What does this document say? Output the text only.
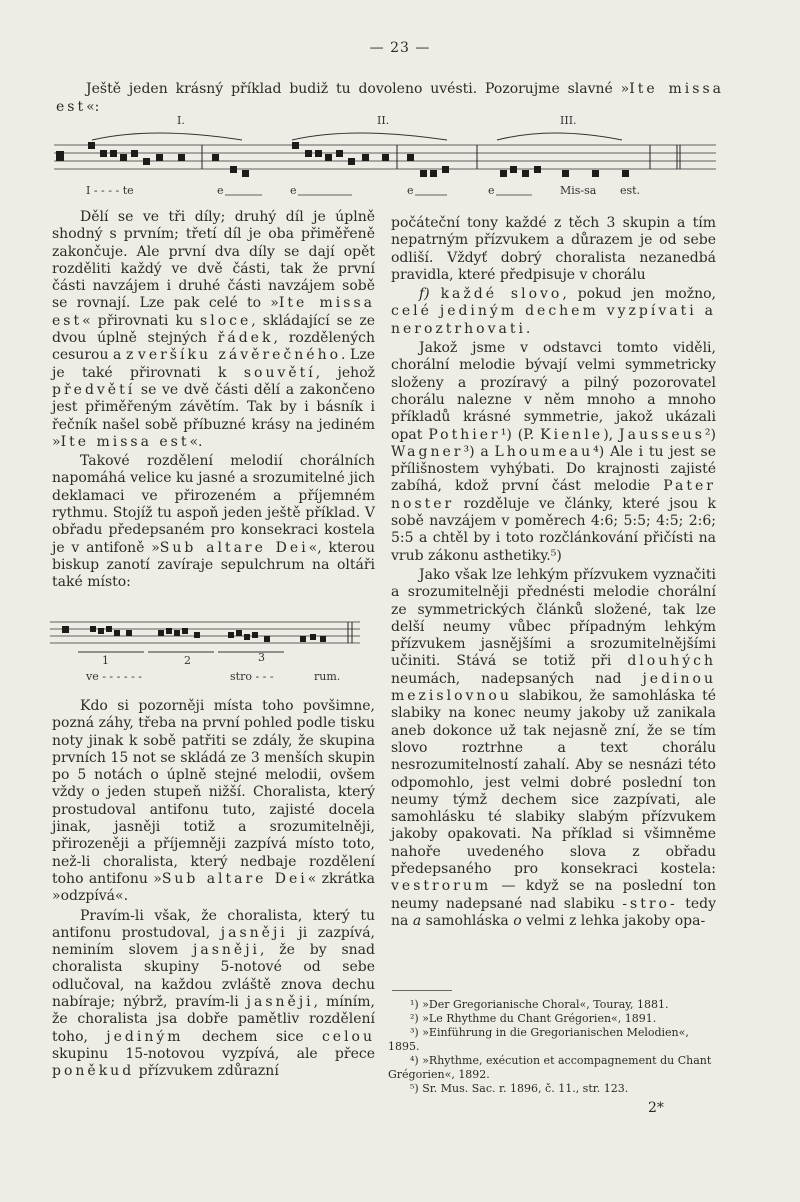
— 23 —

Ještě jeden krásný příklad budiž tu dovoleno uvésti. Pozorujme slavné »Ite missa est«:

I.	II.	III.
I - - - - te	e	e	e	e	Mis-sa est.

Dělí se ve tři díly; druhý díl je úplně shodný s prvním; třetí díl je oba přiměřeně zakončuje. Ale první dva díly se dají opět rozděliti každý ve dvě části, tak že první části navzájem i druhé části navzájem sobě se rovnají. Lze pak celé to »Ite missa est« přirovnati ku sloce, skládající se ze dvou úplně stejných řádek, rozdělených cesurou a z veršíku závěrečného. Lze je také přirovnati k souvětí, jehož předvětí se ve dvě části dělí a zakončeno jest přiměřeným závětím. Tak by i básník i řečník našel sobě příbuzné krásy na jediném »Ite missa est«.

Takové rozdělení melodií chorálních napomáhá velice ku jasné a srozumitelné jich deklamaci ve přirozeném a příjemném rythmu. Stojíž tu aspoň jeden ještě příklad. V obřadu předepsaném pro konsekraci kostela je v antifoně »Sub altare Dei«, kterou biskup zanotí zavíraje sepulchrum na oltáři také místo:

1	2	3
ve - - - - - -	stro - - -	rum.

Kdo si pozorněji místa toho povšimne, pozná záhy, třeba na první pohled podle tisku noty jinak k sobě patřiti se zdály, že skupina prvních 15 not se skládá ze 3 menších skupin po 5 notách o úplně stejné melodii, ovšem vždy o jeden stupeň nižší. Choralista, který prostudoval antifonu tuto, zajisté docela jinak, jasněji totiž a srozumitelněji, přirozeněji a příjemněji zazpívá místo toto, než-li choralista, který nedbaje rozdělení toho antifonu »Sub altare Dei« zkrátka »odzpívá«.

Pravím-li však, že choralista, který tu antifonu prostudoval, jasněji ji zazpívá, neminím slovem jasněji, že by snad choralista skupiny 5-notové od sebe odlučoval, na každou zvláště znova dechu nabíraje; nýbrž, pravím-li jasněji, míním, že choralista jsa dobře pamětliv rozdělení toho, jediným dechem sice celou skupinu 15-notovou vyzpívá, ale přece poněkud přízvukem zdůrazní

počáteční tony každé z těch 3 skupin a tím nepatrným přízvukem a důrazem je od sebe odliší. Vždyť dobrý choralista nezanedbá pravidla, které předpisuje v chorálu

f) každé slovo, pokud jen možno, celé jediným dechem vyzpívati a neroztrhovati.

Jakož jsme v odstavci tomto viděli, chorální melodie bývají velmi symmetricky složeny a prozíravý a pilný pozorovatel chorálu nalezne v něm mnoho a mnoho příkladů krásné symmetrie, jakož ukázali opat Pothier¹) (P. Kienle), Jausseus²) Wagner³) a Lhoumeau⁴) Ale i tu jest se přílišnostem vyhýbati. Do krajnosti zajisté zabíhá, kdož první část melodie Pater noster rozděluje ve články, které jsou k sobě navzájem v poměrech 4:6; 5:5; 4:5; 2:6; 5:5 a chtěl by i toto rozčlánkování přičísti na vrub zákonu asthetiky.⁵)

Jako však lze lehkým přízvukem vyznačiti a srozumitelněji přednésti melodie chorální ze symmetrických článků složené, tak lze delší neumy vůbec případným lehkým přízvukem jasnějšími a srozumitelnějšími učiniti. Stává se totiž při dlouhých neumách, nadepsaných nad jedinou mezislovnou slabikou, že samohláska té slabiky na konec neumy jakoby už zanikala aneb dokonce už tak nejasně zní, že se tím slovo roztrhne a text chorálu nesrozumitelností zahalí. Aby se nesnázi této odpomohlo, jest velmi dobré poslední ton neumy týmž dechem sice zazpívati, ale samohlásku té slabiky slabým přízvukem jakoby opakovati. Na příklad si všimněme nahoře uvedeného slova z obřadu předepsaného pro konsekraci kostela: vestrorum — když se na poslední ton neumy nadepsané nad slabiku -stro- tedy na a samohláska o velmi z lehka jakoby opa-

¹) »Der Gregorianische Choral«, Touray, 1881.
²) »Le Rhythme du Chant Grégorien«, 1891.
³) »Einführung in die Gregorianischen Melodien«, 1895.
⁴) »Rhythme, exécution et accompagnement du Chant Grégorien«, 1892.
⁵) Sr. Mus. Sac. r. 1896, č. 11., str. 123.
2*
